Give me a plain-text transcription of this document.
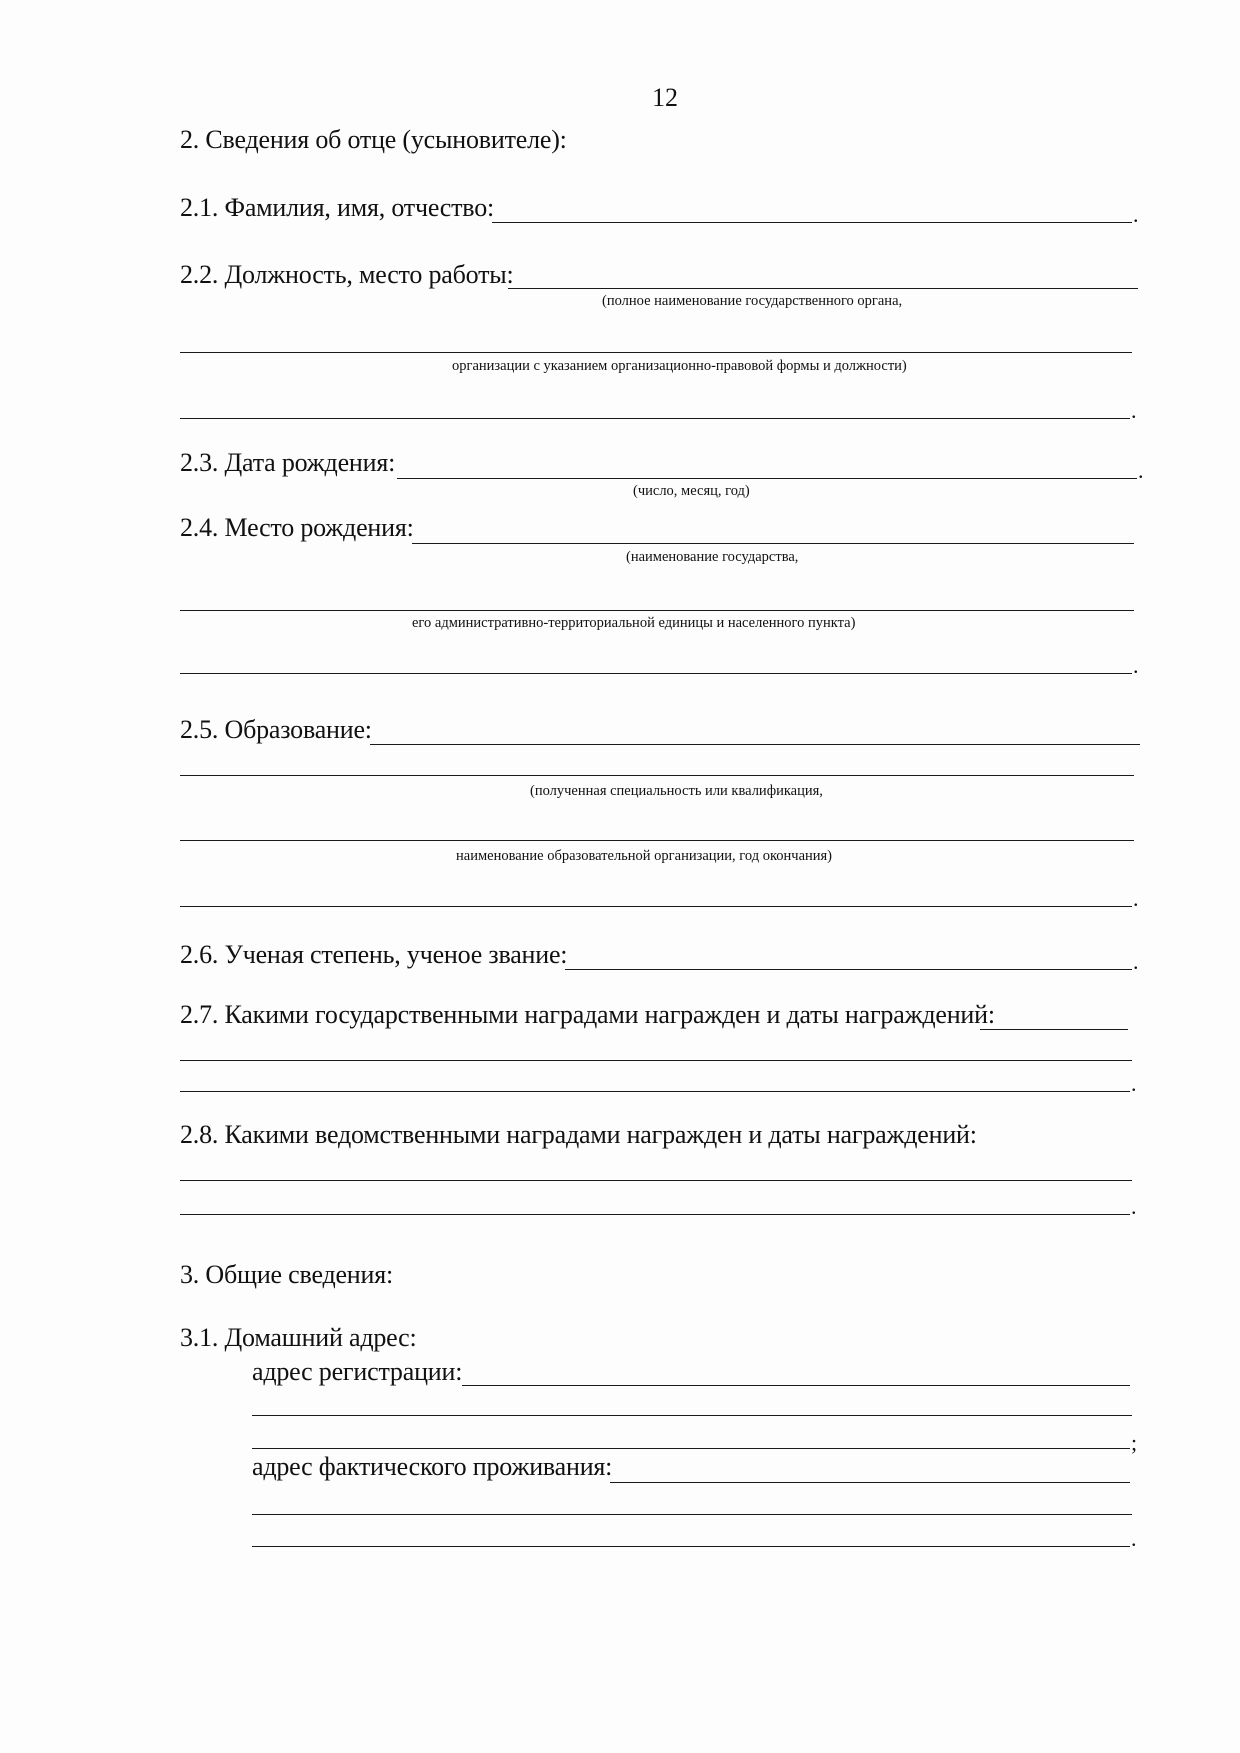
12
2. Сведения об отце (усыновителе):
2.1. Фамилия, имя, отчество:	.
2.2. Должность, место работы:
(полное наименование государственного органа,
организации с указанием организационно-правовой формы и должности)
.
2.3. Дата рождения:	.
(число, месяц, год)
2.4. Место рождения:
(наименование государства,
его административно-территориальной единицы и населенного пункта)
.
2.5. Образование:
(полученная специальность или квалификация,
наименование образовательной организации, год окончания)
.
2.6. Ученая степень, ученое звание:	.
2.7. Какими государственными наградами награжден и даты награждений:
.
2.8. Какими ведомственными наградами награжден и даты награждений:
.
3. Общие сведения:
3.1. Домашний адрес:
адрес регистрации:
;
адрес фактического проживания:
.
